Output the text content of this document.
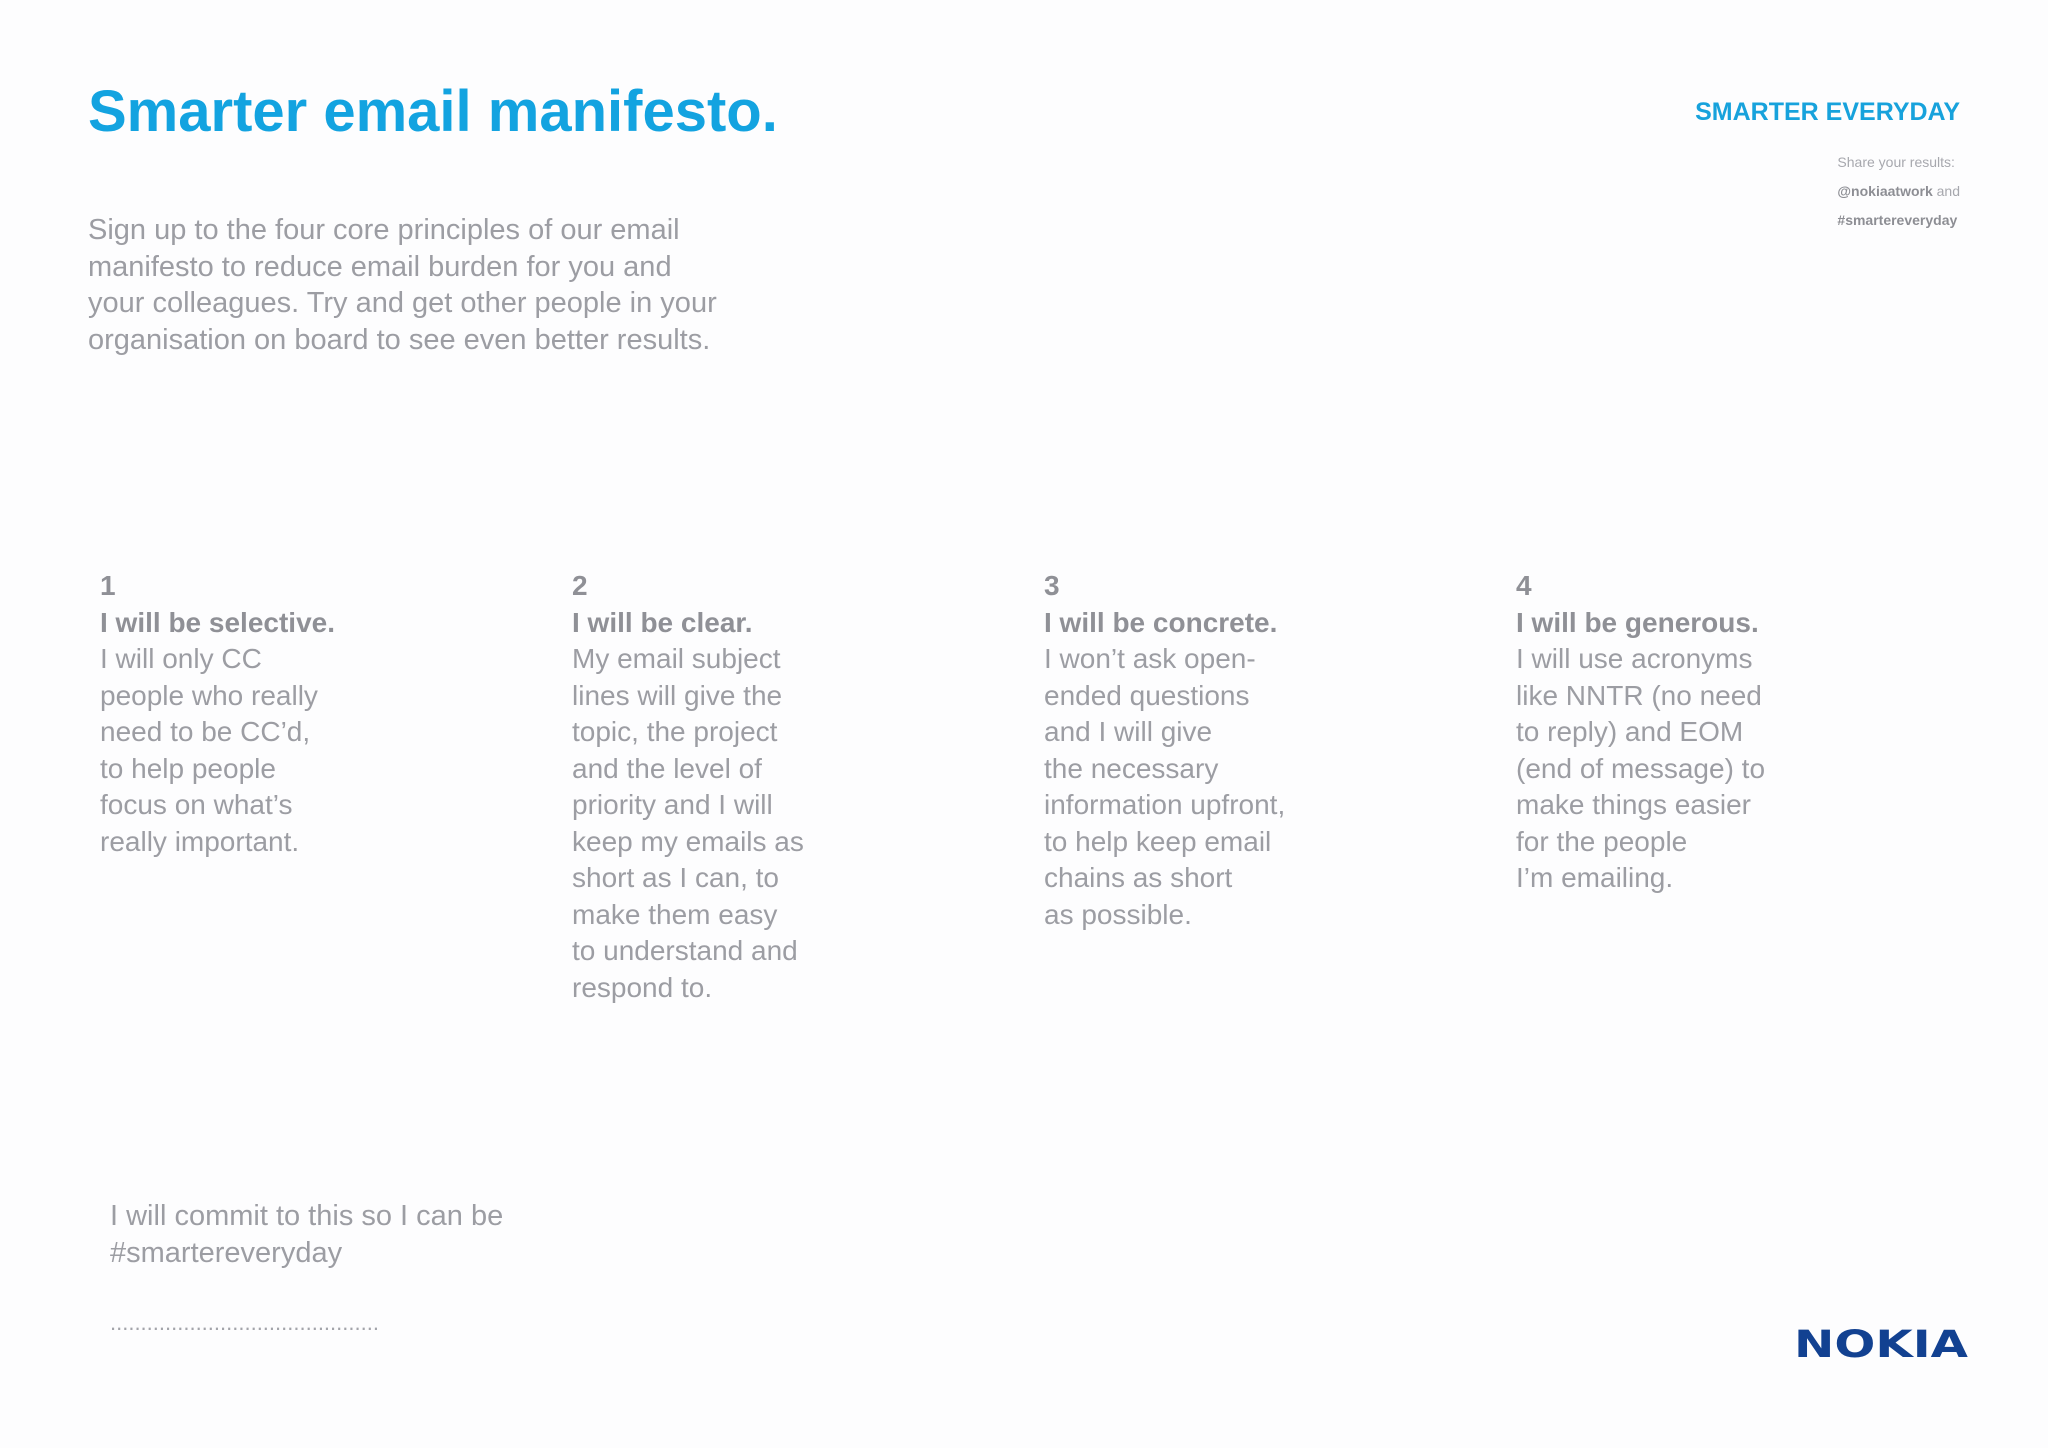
Smarter email manifesto.

Sign up to the four core principles of our email
manifesto to reduce email burden for you and
your colleagues. Try and get other people in your
organisation on board to see even better results.

SMARTER EVERYDAY
Share your results:
@nokiaatwork and
#smartereveryday
1
I will be selective.
I will only CC
people who really
need to be CC’d,
to help people
focus on what’s
really important.
2
I will be clear.
My email subject
lines will give the
topic, the project
and the level of
priority and I will
keep my emails as
short as I can, to
make them easy
to understand and
respond to.
3
I will be concrete.
I won’t ask open-
ended questions
and I will give
the necessary
information upfront,
to help keep email
chains as short
as possible.
4
I will be generous.
I will use acronyms
like NNTR (no need
to reply) and EOM
(end of message) to
make things easier
for the people
I’m emailing.
I will commit to this so I can be
#smartereveryday
............................................
NOKIA
